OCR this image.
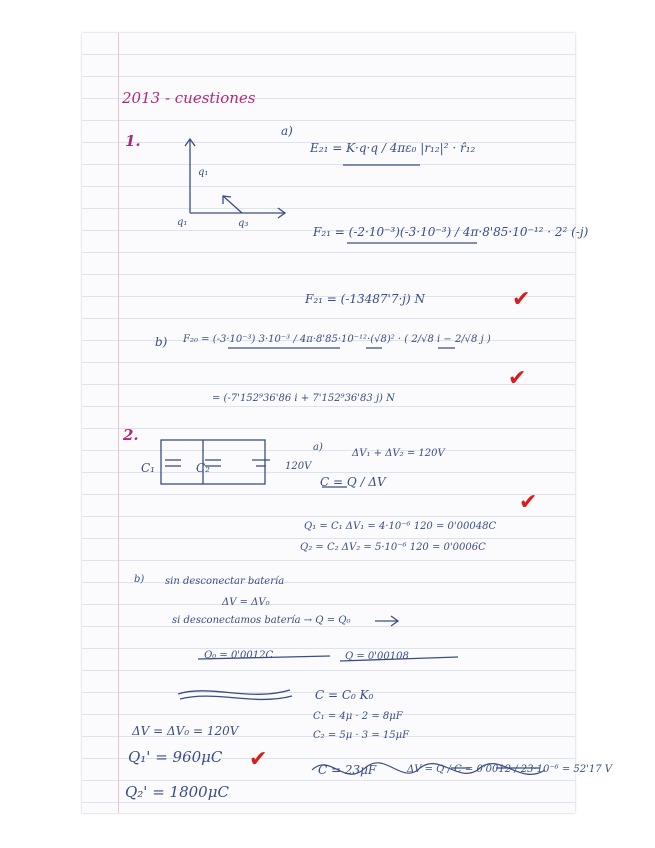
2013 - cuestiones
1.
a)
q₁
q₁	q₃
E₂₁ = K·q·q / 4πε₀ |r₁₂|² · r̂₁₂
F₂₁ = (-2·10⁻³)(-3·10⁻³) / 4π·8'85·10⁻¹² · 2² (-j)
F₂₁ = (-13487'7·j) N	✔
b) F₂₀ = (-3·10⁻³) 3·10⁻³ / 4π·8'85·10⁻¹²·(√8)² · ( 2/√8 i − 2/√8 j )
✔
= (-7'152⁹36'86 i + 7'152⁹36'83 j) N
2.
C₁	C₂	120V
a)
ΔV₁ + ΔV₂ = 120V
C = Q / ΔV
✔
Q₁ = C₁ ΔV₁ = 4·10⁻⁶ 120 = 0'00048C
Q₂ = C₂ ΔV₂ = 5·10⁻⁶ 120 = 0'0006C
b) sin desconectar batería
ΔV = ΔV₀
si desconectamos batería → Q = Q₀
Q₀ = 0'0012C	Q = 0'00108
C = C₀ K₀
C₁ = 4μ · 2 = 8μF
C₂ = 5μ · 3 = 15μF
ΔV = ΔV₀ = 120V
Q₁' = 960μC ✔
Q₂' = 1800μC
C = 23μF	ΔV = Q / C = 0'0012 / 23·10⁻⁶ = 52'17 V
